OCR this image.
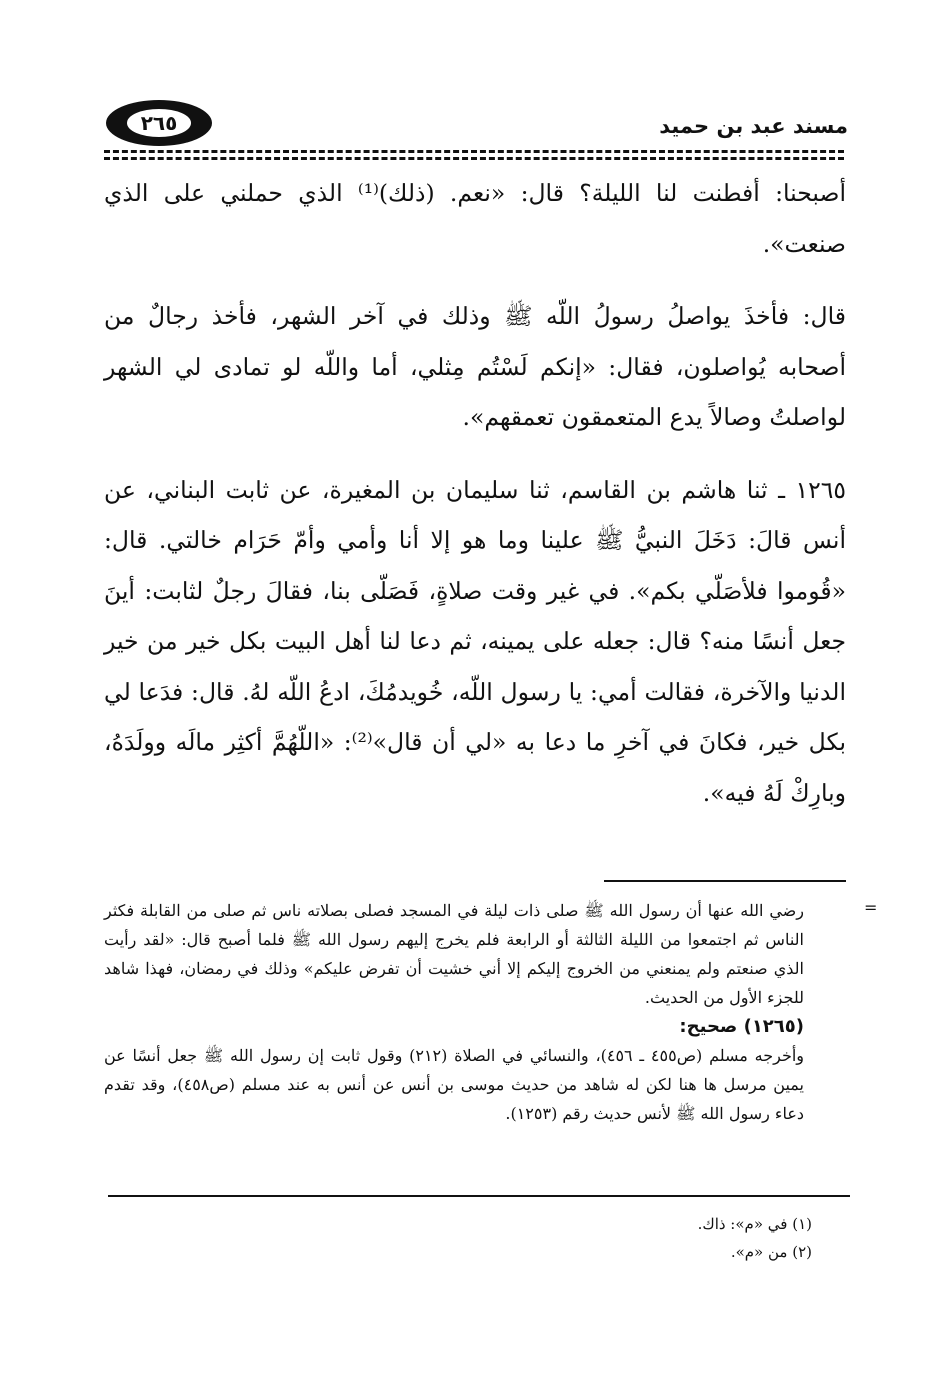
٢٦٥	مسند عبد بن حميد

أصبحنا: أفطنت لنا الليلة؟ قال: «نعم. (ذلك)⁽¹⁾ الذي حملني على الذي صنعت».

قال: فأخذَ يواصلُ رسولُ اللّه ﷺ وذلك في آخر الشهر، فأخذ رجالٌ من أصحابه يُواصلون، فقال: «إنكم لَسْتُم مِثلي، أما واللّه لو تمادى لي الشهر لواصلتُ وصالاً يدع المتعمقون تعمقهم».

١٢٦٥ ـ ثنا هاشم بن القاسم، ثنا سليمان بن المغيرة، عن ثابت البناني، عن أنس قالَ: دَخَلَ النبيُّ ﷺ علينا وما هو إلا أنا وأمي وأمّ حَرَام خالتي. قال: «قُوموا فلأصَلّي بكم». في غير وقت صلاةٍ، فَصَلّى بنا، فقالَ رجلٌ لثابت: أينَ جعل أنسًا منه؟ قال: جعله على يمينه، ثم دعا لنا أهل البيت بكل خير من خير الدنيا والآخرة، فقالت أمي: يا رسول اللّه، خُويدمُكَ، ادعُ اللّه لهُ. قال: فدَعا لي بكل خير، فكانَ في آخرِ ما دعا به «لي أن قال»⁽²⁾: «اللّهُمَّ أكثِر مالَه وولَدَهُ، وبارِكْ لَهُ فيه».

=

رضي الله عنها أن رسول الله ﷺ صلى ذات ليلة في المسجد فصلى بصلاته ناس ثم صلى من القابلة فكثر الناس ثم اجتمعوا من الليلة الثالثة أو الرابعة فلم يخرج إليهم رسول الله ﷺ فلما أصبح قال: «لقد رأيت الذي صنعتم ولم يمنعني من الخروج إليكم إلا أني خشيت أن تفرض عليكم» وذلك في رمضان، فهذا شاهد للجزء الأول من الحديث.

(١٢٦٥) صحيح:

وأخرجه مسلم (ص٤٥٥ ـ ٤٥٦)، والنسائي في الصلاة (٢١٢) وقول ثابت إن رسول الله ﷺ جعل أنسًا عن يمين مرسل ها هنا لكن له شاهد من حديث موسى بن أنس عن أنس به عند مسلم (ص٤٥٨)، وقد تقدم دعاء رسول الله ﷺ لأنس حديث رقم (١٢٥٣).

(١) في «م»: ذاك.

(٢) من «م».
